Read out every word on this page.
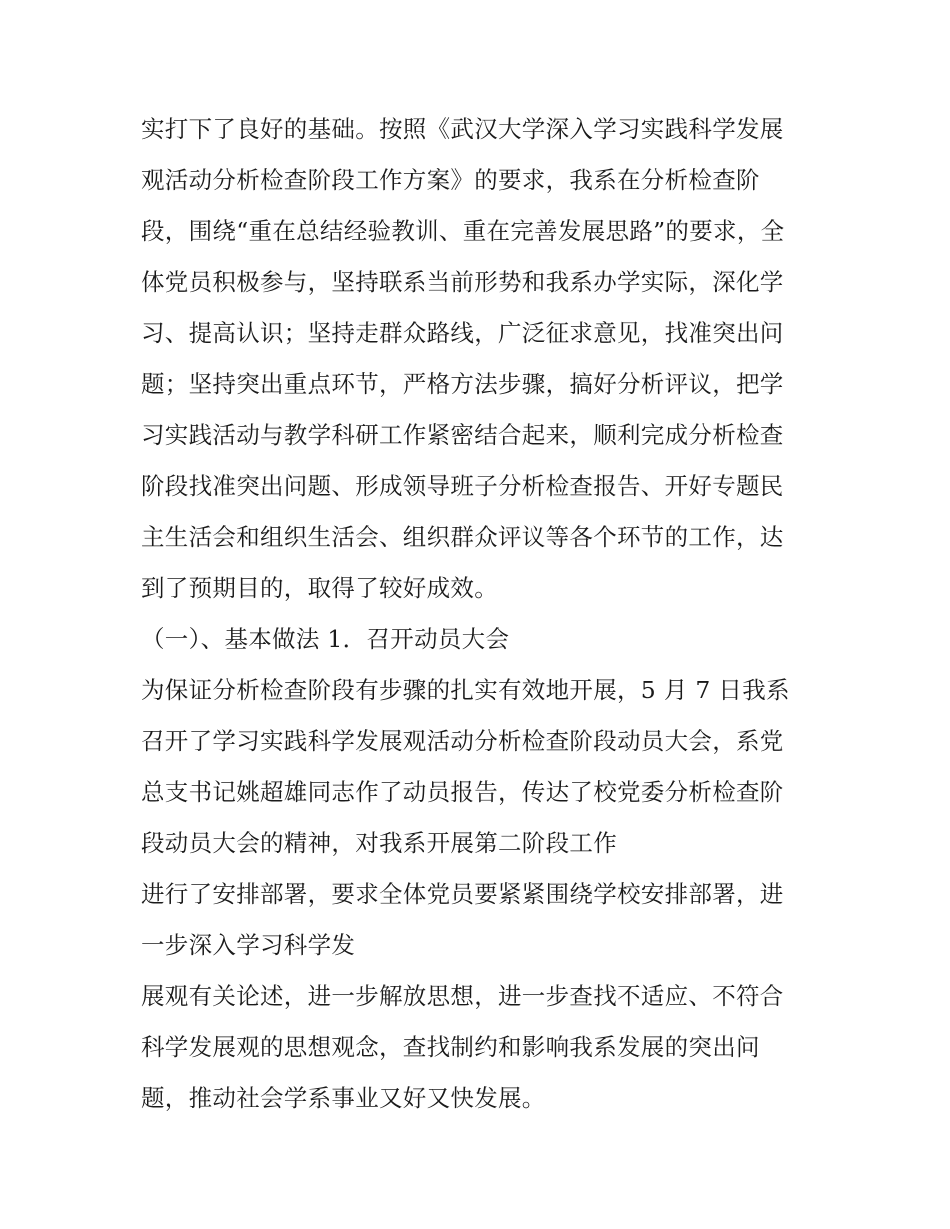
实打下了良好的基础。按照《武汉大学深入学习实践科学发展
观活动分析检查阶段工作方案》的要求，我系在分析检查阶
段，围绕“重在总结经验教训、重在完善发展思路”的要求，全
体党员积极参与，坚持联系当前形势和我系办学实际，深化学
习、提高认识；坚持走群众路线，广泛征求意见，找准突出问
题；坚持突出重点环节，严格方法步骤，搞好分析评议，把学
习实践活动与教学科研工作紧密结合起来，顺利完成分析检查
阶段找准突出问题、形成领导班子分析检查报告、开好专题民
主生活会和组织生活会、组织群众评议等各个环节的工作，达
到了预期目的，取得了较好成效。
（一）、基本做法 1．召开动员大会
为保证分析检查阶段有步骤的扎实有效地开展，5 月 7 日我系
召开了学习实践科学发展观活动分析检查阶段动员大会，系党
总支书记姚超雄同志作了动员报告，传达了校党委分析检查阶
段动员大会的精神，对我系开展第二阶段工作
进行了安排部署，要求全体党员要紧紧围绕学校安排部署，进
一步深入学习科学发
展观有关论述，进一步解放思想，进一步查找不适应、不符合
科学发展观的思想观念，查找制约和影响我系发展的突出问
题，推动社会学系事业又好又快发展。
